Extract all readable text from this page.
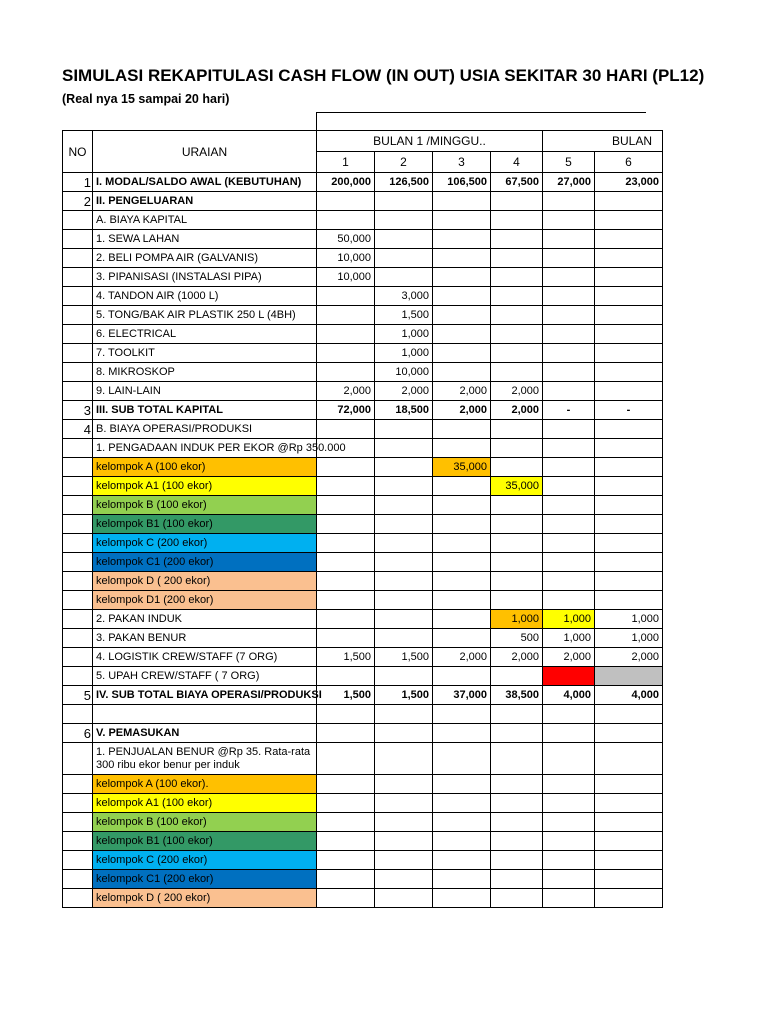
SIMULASI REKAPITULASI CASH FLOW (IN OUT) USIA SEKITAR 30 HARI (PL12)
(Real nya 15 sampai 20 hari)
NO	URAIAN	BULAN 1 /MINGGU..				BULAN	
		1	2	3	4	5	6
1	I. MODAL/SALDO AWAL (KEBUTUHAN)	200,000	126,500	106,500	67,500	27,000	23,000
2	II. PENGELUARAN						
	A. BIAYA KAPITAL						
	1. SEWA LAHAN	50,000					
	2. BELI POMPA AIR (GALVANIS)	10,000					
	3. PIPANISASI (INSTALASI PIPA)	10,000					
	4. TANDON AIR (1000 L)		3,000				
	5. TONG/BAK AIR PLASTIK 250 L (4BH)		1,500				
	6. ELECTRICAL		1,000				
	7. TOOLKIT		1,000				
	8. MIKROSKOP		10,000				
	9. LAIN-LAIN	2,000	2,000	2,000	2,000		
3	III. SUB TOTAL KAPITAL	72,000	18,500	2,000	2,000	-	-
4	B. BIAYA OPERASI/PRODUKSI						
	1. PENGADAAN INDUK PER EKOR @Rp 350.000						
	kelompok A (100 ekor)			35,000			
	kelompok A1 (100 ekor)				35,000		
	kelompok B (100 ekor)						
	kelompok B1 (100 ekor)						
	kelompok C (200 ekor)						
	kelompok C1 (200 ekor)						
	kelompok D ( 200 ekor)						
	kelompok D1 (200 ekor)						
	2. PAKAN INDUK				1,000	1,000	1,000
	3. PAKAN BENUR				500	1,000	1,000
	4. LOGISTIK CREW/STAFF (7 ORG)	1,500	1,500	2,000	2,000	2,000	2,000
	5. UPAH CREW/STAFF ( 7 ORG)						
5	IV. SUB TOTAL BIAYA OPERASI/PRODUKSI	1,500	1,500	37,000	38,500	4,000	4,000

6	V. PEMASUKAN						
	1. PENJUALAN BENUR @Rp 35. Rata-rata 300 ribu ekor benur per induk						
	kelompok A (100 ekor).						
	kelompok A1 (100 ekor)						
	kelompok B (100 ekor)						
	kelompok B1 (100 ekor)						
	kelompok C (200 ekor)						
	kelompok C1 (200 ekor)						
	kelompok D ( 200 ekor)						
